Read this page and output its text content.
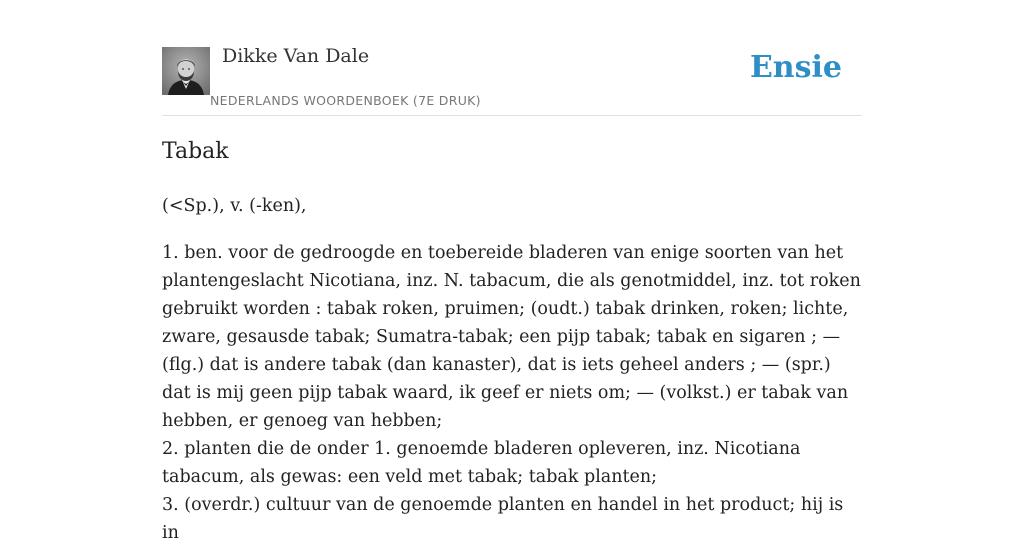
Dikke Van Dale
NEDERLANDS WOORDENBOEK (7E DRUK)
Ensie
Tabak
(<Sp.), v. (-ken),

1. ben. voor de gedroogde en toebereide bladeren van enige soorten van het plantengeslacht Nicotiana, inz. N. tabacum, die als genotmiddel, inz. tot roken gebruikt worden : tabak roken, pruimen; (oudt.) tabak drinken, roken; lichte, zware, gesausde tabak; Sumatra-tabak; een pijp tabak; tabak en sigaren ; — (flg.) dat is andere tabak (dan kanaster), dat is iets geheel anders ; — (spr.) dat is mij geen pijp tabak waard, ik geef er niets om; — (volkst.) er tabak van hebben, er genoeg van hebben;

2. planten die de onder 1. genoemde bladeren opleveren, inz. Nicotiana tabacum, als gewas: een veld met tabak; tabak planten;

3. (overdr.) cultuur van de genoemde planten en handel in het product; hij is in
